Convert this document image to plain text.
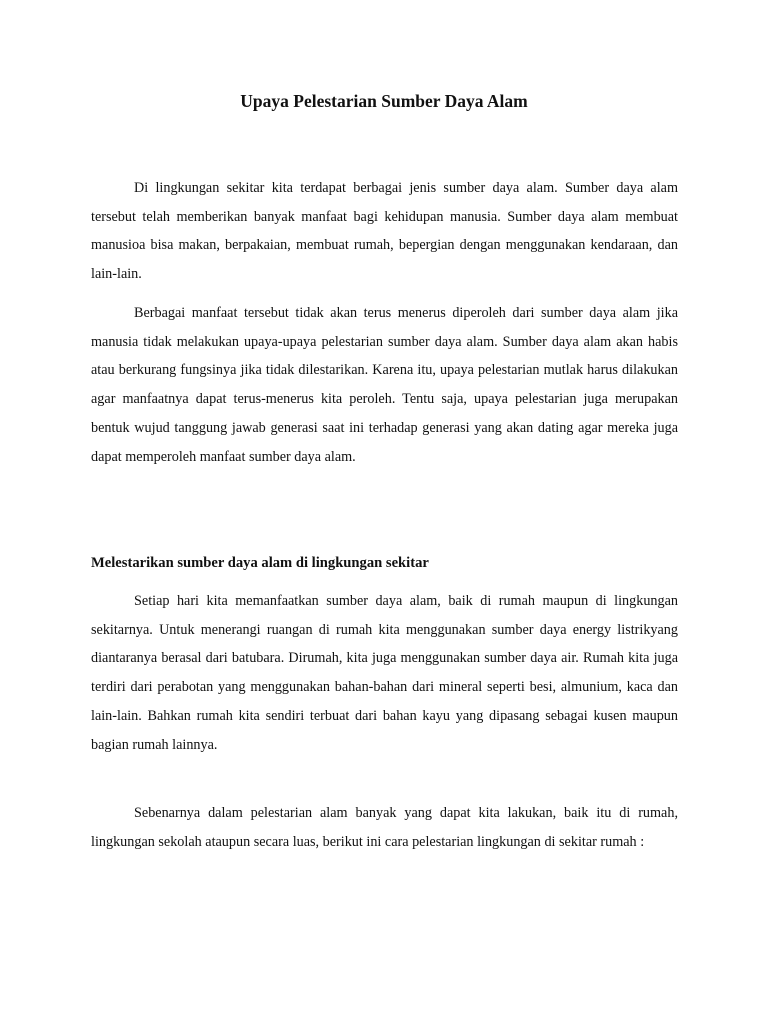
Upaya Pelestarian Sumber Daya Alam

Di lingkungan sekitar kita terdapat berbagai jenis sumber daya alam. Sumber daya alam tersebut telah memberikan banyak manfaat bagi kehidupan manusia. Sumber daya alam membuat manusioa bisa makan, berpakaian, membuat rumah, bepergian dengan menggunakan kendaraan, dan lain-lain.

Berbagai manfaat tersebut tidak akan terus menerus diperoleh dari sumber daya alam jika manusia tidak melakukan upaya-upaya pelestarian sumber daya alam. Sumber daya alam akan habis atau berkurang fungsinya jika tidak dilestarikan. Karena itu, upaya pelestarian mutlak harus dilakukan agar manfaatnya dapat terus-menerus kita peroleh. Tentu saja, upaya pelestarian juga merupakan bentuk wujud tanggung jawab generasi saat ini terhadap generasi yang akan dating agar mereka juga dapat memperoleh manfaat sumber daya alam.

Melestarikan sumber daya alam di lingkungan sekitar

Setiap hari kita memanfaatkan sumber daya alam, baik di rumah maupun di lingkungan sekitarnya. Untuk menerangi ruangan di rumah kita menggunakan sumber daya energy listrikyang diantaranya berasal dari batubara. Dirumah, kita juga menggunakan sumber daya air. Rumah kita juga terdiri dari perabotan yang menggunakan bahan-bahan dari mineral seperti besi, almunium, kaca dan lain-lain. Bahkan rumah kita sendiri terbuat dari bahan kayu yang dipasang sebagai kusen maupun bagian rumah lainnya.

Sebenarnya dalam pelestarian alam banyak yang dapat kita lakukan, baik itu di rumah, lingkungan sekolah ataupun secara luas, berikut ini cara pelestarian lingkungan di sekitar rumah :
